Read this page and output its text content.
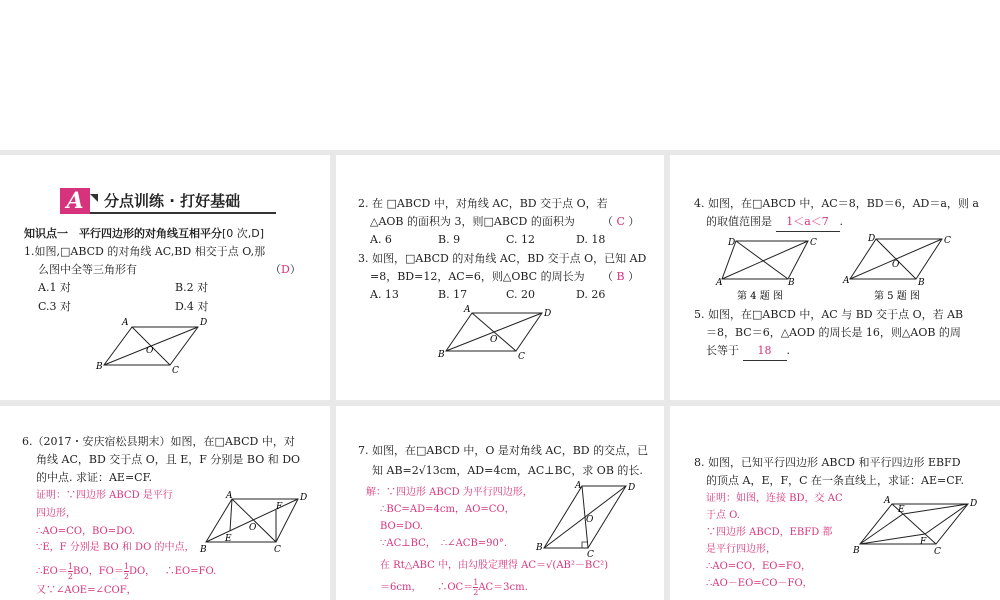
A	分点训练 · 打好基础
知识点一　平行四边形的对角线互相平分[0 次,D]
1.如图,□ABCD 的对角线 AC,BD 相交于点 O,那
么图中全等三角形有	（D）
A.1 对	B.2 对
C.3 对	D.4 对
A	D
B	C
O
2. 在 □ABCD 中，对角线 AC，BD 交于点 O，若
△AOB 的面积为 3，则□ABCD 的面积为 （ C ）
A. 6	B. 9	C. 12	D. 18
3. 如图，□ABCD 的对角线 AC，BD 交于点 O，已知 AD
=8，BD=12，AC=6，则△OBC 的周长为 （ B ）
A. 13	B. 17	C. 20	D. 26
A	D
B	C
O
4. 如图，在□ABCD 中，AC＝8，BD＝6，AD＝a，则 a
的取值范围是 1＜a＜7 .
D	C
A	B
第 4 题 图
D	C
A	B
O
第 5 题 图
5. 如图，在□ABCD 中，AC 与 BD 交于点 O，若 AB
＝8，BC＝6，△AOD 的周长是 16，则△AOB 的周
长等于 18 .
6.（2017・安庆宿松县期末）如图，在□ABCD 中，对
角线 AC，BD 交于点 O，且 E，F 分别是 BO 和 DO
的中点. 求证：AE=CF.
证明：∵四边形 ABCD 是平行
四边形，
∴AO=CO，BO=DO.
∵E，F 分别是 BO 和 DO 的中点，
∴EO＝ $\frac{1}{2}$ BO，$FO= \frac{1}{2}$ DO， ∴EO=FO.
又∵∠AOE=∠COF，
A	D
B	C
E
F
O
7. 如图，在□ABCD 中，O 是对角线 AC，BD 的交点，已
知 AB=2√13cm，AD=4cm，AC⊥BC，求 OB 的长.
解：∵四边形 ABCD 为平行四边形，
∴BC=AD=4cm，AO=CO，
BO=DO.
∵AC⊥BC，　∴∠ACB=90°.
在 Rt△ABC 中，由勾股定理得 AC＝√(AB²－BC²)
＝6cm， ∴OC＝ $\frac{1}{2} AC=3cm$.
A	D
B
C
O
8. 如图，已知平行四边形 ABCD 和平行四边形 EBFD
的顶点 A，E，F，C 在一条直线上，求证：AE=CF.
证明：如图，连接 BD，交 AC
于点 O.
∵四边形 ABCD，EBFD 都
是平行四边形，
∴AO=CO，EO=FO，
∴AO－EO=CO－FO，
A	D
B	C
E
F
